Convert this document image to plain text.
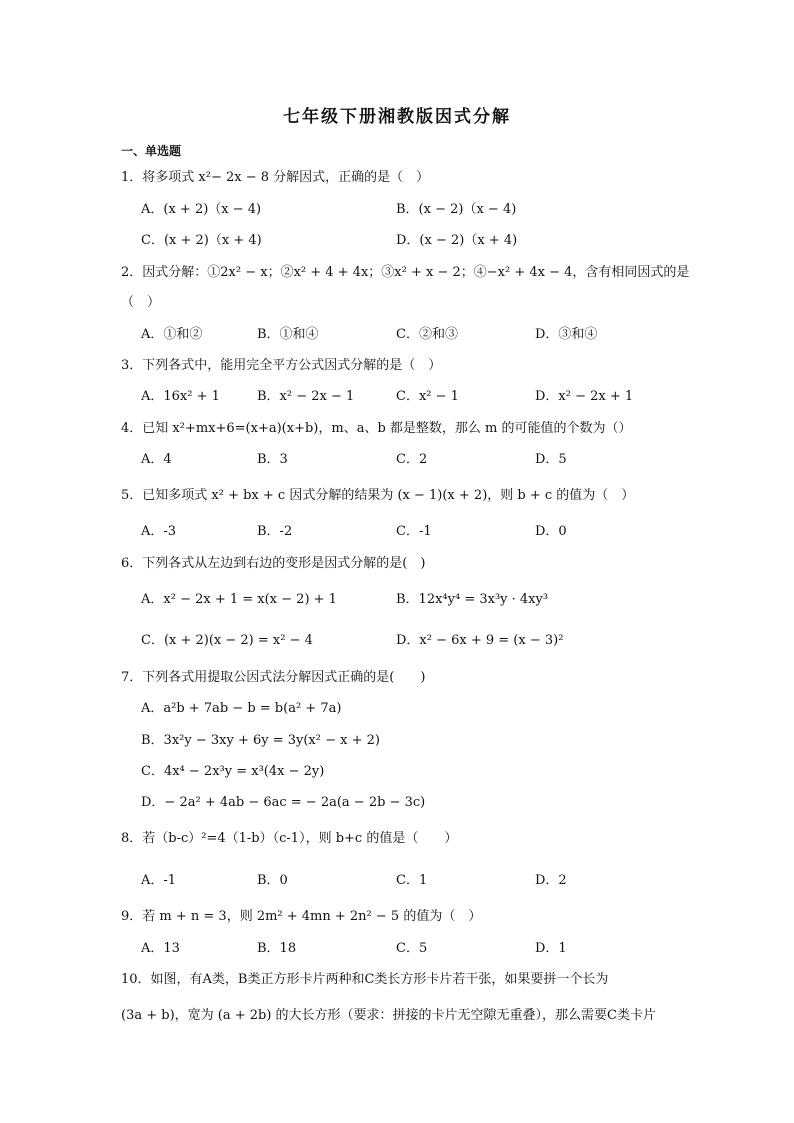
七年级下册湘教版因式分解
一、单选题
1．将多项式 x²− 2x − 8 分解因式，正确的是（　）
A．(x + 2)（x − 4)	B．(x − 2)（x − 4)
C．(x + 2)（x + 4)	D．(x − 2)（x + 4)
2．因式分解：①2x² − x；②x² + 4 + 4x；③x² + x − 2；④−x² + 4x − 4，含有相同因式的是
（　）
A．①和②	B．①和④	C．②和③	D．③和④
3．下列各式中，能用完全平方公式因式分解的是（　）
A．16x² + 1	B．x² − 2x − 1	C．x² − 1	D．x² − 2x + 1
4．已知 x²+mx+6=(x+a)(x+b)，m、a、b 都是整数，那么 m 的可能值的个数为（）
A．4	B．3	C．2	D．5
5．已知多项式 x² + bx + c 因式分解的结果为 (x − 1)(x + 2)，则 b + c 的值为（　）
A．-3	B．-2	C．-1	D．0
6．下列各式从左边到右边的变形是因式分解的是(　)
A．x² − 2x + 1 = x(x − 2) + 1	B．12x⁴y⁴ = 3x³y · 4xy³
C．(x + 2)(x − 2) = x² − 4	D．x² − 6x + 9 = (x − 3)²
7．下列各式用提取公因式法分解因式正确的是(　　)
A．a²b + 7ab − b = b(a² + 7a)
B．3x²y − 3xy + 6y = 3y(x² − x + 2)
C．4x⁴ − 2x³y = x³(4x − 2y)
D．− 2a² + 4ab − 6ac = − 2a(a − 2b − 3c)
8．若（b-c）²=4（1-b）（c-1），则 b+c 的值是（　　）
A．-1	B．0	C．1	D．2
9．若 m + n = 3，则 2m² + 4mn + 2n² − 5 的值为（　）
A．13	B．18	C．5	D．1
10．如图，有A类，B类正方形卡片两种和C类长方形卡片若干张，如果要拼一个长为
(3a + b)，宽为 (a + 2b) 的大长方形（要求：拼接的卡片无空隙无重叠），那么需要C类卡片
